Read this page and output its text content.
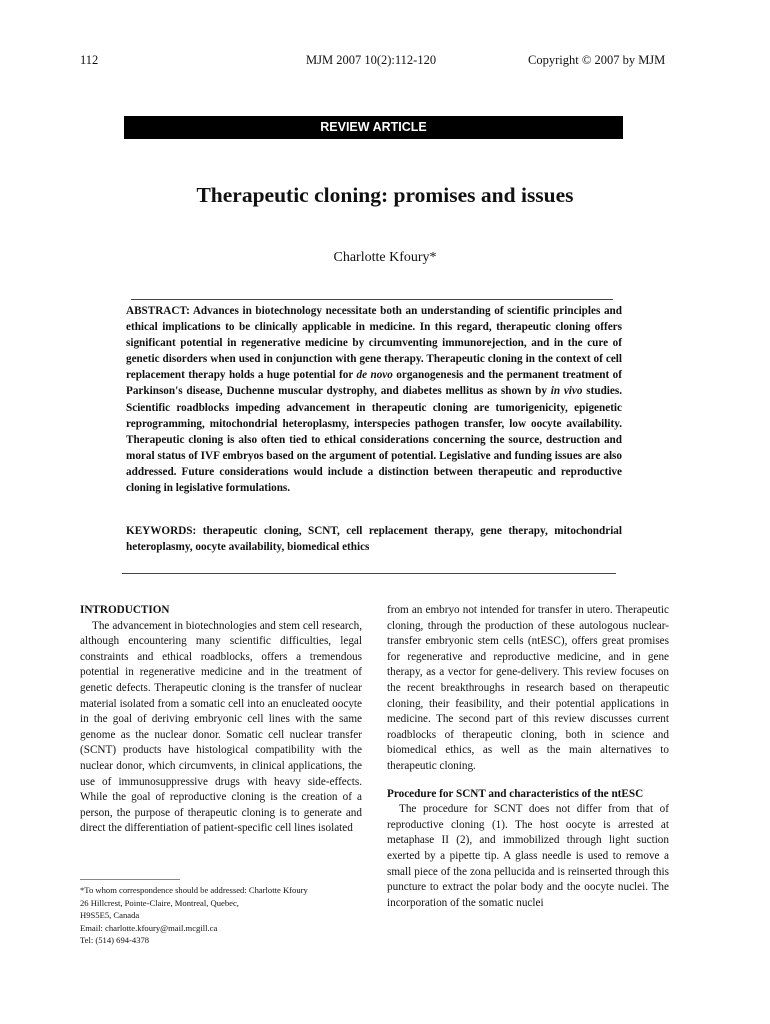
112	MJM 2007 10(2):112-120	Copyright © 2007 by MJM
REVIEW ARTICLE
Therapeutic cloning: promises and issues
Charlotte Kfoury*
ABSTRACT: Advances in biotechnology necessitate both an understanding of scientific principles and ethical implications to be clinically applicable in medicine. In this regard, therapeutic cloning offers significant potential in regenerative medicine by circumventing immunorejection, and in the cure of genetic disorders when used in conjunction with gene therapy. Therapeutic cloning in the context of cell replacement therapy holds a huge potential for de novo organogenesis and the permanent treatment of Parkinson's disease, Duchenne muscular dystrophy, and diabetes mellitus as shown by in vivo studies. Scientific roadblocks impeding advancement in therapeutic cloning are tumorigenicity, epigenetic reprogramming, mitochondrial heteroplasmy, interspecies pathogen transfer, low oocyte availability. Therapeutic cloning is also often tied to ethical considerations concerning the source, destruction and moral status of IVF embryos based on the argument of potential. Legislative and funding issues are also addressed. Future considerations would include a distinction between therapeutic and reproductive cloning in legislative formulations.
KEYWORDS: therapeutic cloning, SCNT, cell replacement therapy, gene therapy, mitochondrial heteroplasmy, oocyte availability, biomedical ethics

INTRODUCTION

The advancement in biotechnologies and stem cell research, although encountering many scientific difficulties, legal constraints and ethical roadblocks, offers a tremendous potential in regenerative medicine and in the treatment of genetic defects. Therapeutic cloning is the transfer of nuclear material isolated from a somatic cell into an enucleated oocyte in the goal of deriving embryonic cell lines with the same genome as the nuclear donor. Somatic cell nuclear transfer (SCNT) products have histological compatibility with the nuclear donor, which circumvents, in clinical applications, the use of immunosuppressive drugs with heavy side-effects. While the goal of reproductive cloning is the creation of a person, the purpose of therapeutic cloning is to generate and direct the differentiation of patient-specific cell lines isolated

*To whom correspondence should be addressed: Charlotte Kfoury
26 Hillcrest, Pointe-Claire, Montreal, Quebec,
H9S5E5, Canada
Email: charlotte.kfoury@mail.mcgill.ca
Tel: (514) 694-4378

from an embryo not intended for transfer in utero. Therapeutic cloning, through the production of these autologous nuclear-transfer embryonic stem cells (ntESC), offers great promises for regenerative and reproductive medicine, and in gene therapy, as a vector for gene-delivery. This review focuses on the recent breakthroughs in research based on therapeutic cloning, their feasibility, and their potential applications in medicine. The second part of this review discusses current roadblocks of therapeutic cloning, both in science and biomedical ethics, as well as the main alternatives to therapeutic cloning.

Procedure for SCNT and characteristics of the ntESC

The procedure for SCNT does not differ from that of reproductive cloning (1). The host oocyte is arrested at metaphase II (2), and immobilized through light suction exerted by a pipette tip. A glass needle is used to remove a small piece of the zona pellucida and is reinserted through this puncture to extract the polar body and the oocyte nuclei. The incorporation of the somatic nuclei
